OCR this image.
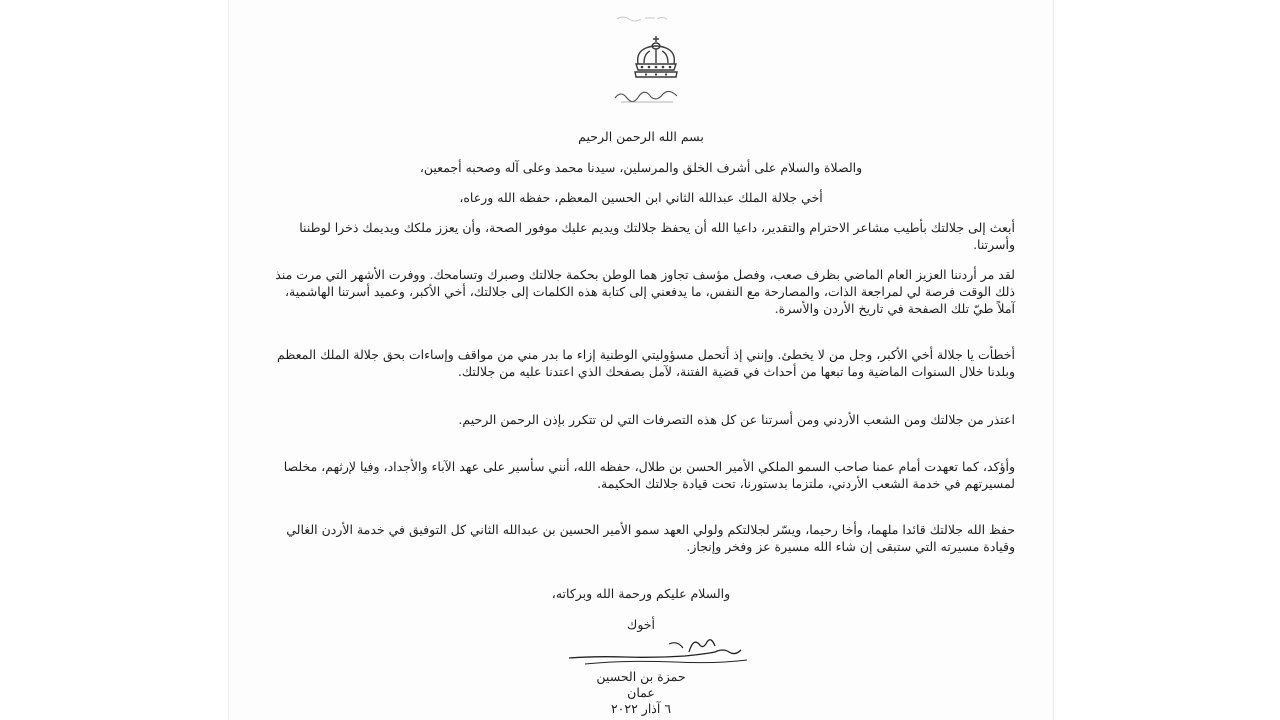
بسم الله الرحمن الرحيم
والصلاة والسلام على أشرف الخلق والمرسلين، سيدنا محمد وعلى آله وصحبه أجمعين،
أخي جلالة الملك عبدالله الثاني ابن الحسين المعظم، حفظه الله ورعاه،
أبعث إلى جلالتك بأطيب مشاعر الاحترام والتقدير، داعيا الله أن يحفظ جلالتك ويديم عليك موفور الصحة، وأن يعزز ملكك ويديمك ذخرا لوطننا وأسرتنا.
لقد مر أردننا العزيز العام الماضي بظرف صعب، وفصل مؤسف تجاوز هما الوطن بحكمة جلالتك وصبرك وتسامحك. ووفرت الأشهر التي مرت منذ ذلك الوقت فرصة لي لمراجعة الذات، والمصارحة مع النفس، ما يدفعني إلى كتابة هذه الكلمات إلى جلالتك، أخي الأكبر، وعميد أسرتنا الهاشمية، آملاً طيّ تلك الصفحة في تاريخ الأردن والأسرة.
أخطأت يا جلالة أخي الأكبر، وجل من لا يخطئ. وإنني إذ أتحمل مسؤوليتي الوطنية إزاء ما بدر مني من مواقف وإساءات بحق جلالة الملك المعظم وبلدنا خلال السنوات الماضية وما تبعها من أحداث في قضية الفتنة، لآمل بصفحك الذي اعتدنا عليه من جلالتك.
اعتذر من جلالتك ومن الشعب الأردني ومن أسرتنا عن كل هذه التصرفات التي لن تتكرر بإذن الرحمن الرحيم.
وأؤكد، كما تعهدت أمام عمنا صاحب السمو الملكي الأمير الحسن بن طلال، حفظه الله، أنني سأسير على عهد الآباء والأجداد، وفيا لإرثهم، مخلصا لمسيرتهم في خدمة الشعب الأردني، ملتزما بدستورنا، تحت قيادة جلالتك الحكيمة.
حفظ الله جلالتك قائدا ملهما، وأخا رحيما، ويسّر لجلالتكم ولولي العهد سمو الأمير الحسين بن عبدالله الثاني كل التوفيق في خدمة الأردن الغالي وقيادة مسيرته التي ستبقى إن شاء الله مسيرة عز وفخر وإنجاز.
والسلام عليكم ورحمة الله وبركاته،
أخوك
حمزة بن الحسين
عمان
٦ آذار ٢٠٢٢
